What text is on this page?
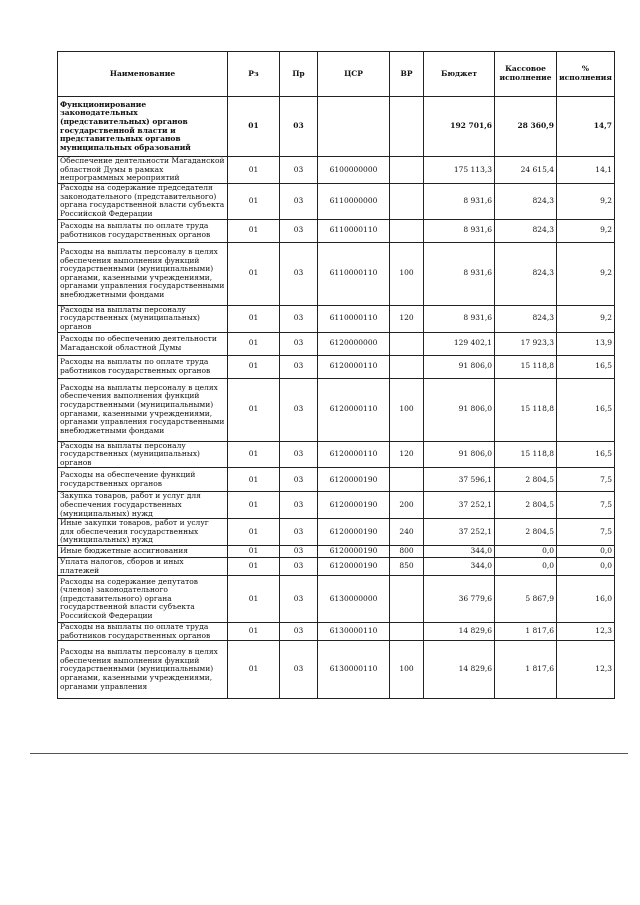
Наименование	Рз	Пр	ЦСР	ВР	Бюджет	Кассовое исполнение	% исполнения
Функционирование законодательных (представительных) органов государственной власти и представительных органов муниципальных образований	01	03			192 701,6	28 360,9	14,7
Обеспечение деятельности Магаданской областной Думы в рамках непрограммных мероприятий	01	03	6100000000		175 113,3	24 615,4	14,1
Расходы на содержание председателя законодательного (представительного) органа государственной власти субъекта Российской Федерации	01	03	6110000000		8 931,6	824,3	9,2
Расходы на выплаты по оплате труда работников государственных органов	01	03	6110000110		8 931,6	824,3	9,2
Расходы на выплаты персоналу в целях обеспечения выполнения функций государственными (муниципальными) органами, казенными учреждениями, органами управления государственными внебюджетными фондами	01	03	6110000110	100	8 931,6	824,3	9,2
Расходы на выплаты персоналу государственных (муниципальных) органов	01	03	6110000110	120	8 931,6	824,3	9,2
Расходы по обеспечению деятельности Магаданской областной Думы	01	03	6120000000		129 402,1	17 923,3	13,9
Расходы на выплаты по оплате труда работников государственных органов	01	03	6120000110		91 806,0	15 118,8	16,5
Расходы на выплаты персоналу в целях обеспечения выполнения функций государственными (муниципальными) органами, казенными учреждениями, органами управления государственными внебюджетными фондами	01	03	6120000110	100	91 806,0	15 118,8	16,5
Расходы на выплаты персоналу государственных (муниципальных) органов	01	03	6120000110	120	91 806,0	15 118,8	16,5
Расходы на обеспечение функций государственных органов	01	03	6120000190		37 596,1	2 804,5	7,5
Закупка товаров, работ и услуг для обеспечения государственных (муниципальных) нужд	01	03	6120000190	200	37 252,1	2 804,5	7,5
Иные закупки товаров, работ и услуг для обеспечения государственных (муниципальных) нужд	01	03	6120000190	240	37 252,1	2 804,5	7,5
Иные бюджетные ассигнования	01	03	6120000190	800	344,0	0,0	0,0
Уплата налогов, сборов и иных платежей	01	03	6120000190	850	344,0	0,0	0,0
Расходы на содержание депутатов (членов) законодательного (представительного) органа государственной власти субъекта Российской Федерации	01	03	6130000000		36 779,6	5 867,9	16,0
Расходы на выплаты по оплате труда работников государственных органов	01	03	6130000110		14 829,6	1 817,6	12,3
Расходы на выплаты персоналу в целях обеспечения выполнения функций государственными (муниципальными) органами, казенными учреждениями, органами управления	01	03	6130000110	100	14 829,6	1 817,6	12,3
